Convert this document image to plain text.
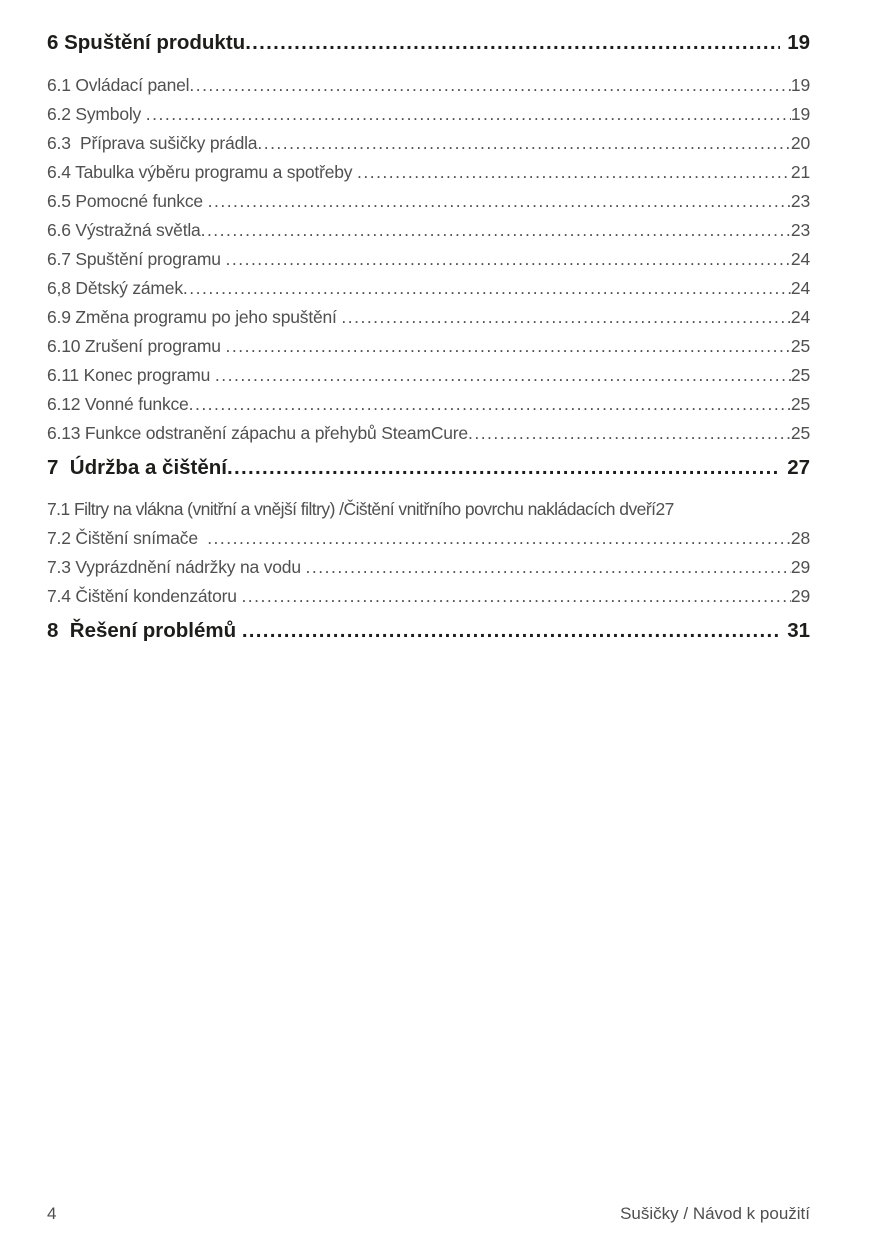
6 Spuštění produktu .....	19
6.1 Ovládací panel .....	19
6.2 Symboly .....	19
6.3  Příprava sušičky prádla .....	20
6.4 Tabulka výběru programu a spotřeby .....	21
6.5 Pomocné funkce .....	23
6.6 Výstražná světla .....	23
6.7 Spuštění programu .....	24
6,8 Dětský zámek .....	24
6.9 Změna programu po jeho spuštění .....	24
6.10 Zrušení programu .....	25
6.11 Konec programu .....	25
6.12 Vonné funkce .....	25
6.13 Funkce odstranění zápachu a přehybů SteamCure .....	25
7  Údržba a čištění .....	27
7.1 Filtry na vlákna (vnitřní a vnější filtry) /Čištění vnitřního povrchu nakládacích dveří 27
7.2 Čištění snímače .....	28
7.3 Vyprázdnění nádržky na vodu .....	29
7.4 Čištění kondenzátoru .....	29
8  Řešení problémů .....	31
4	Sušičky / Návod k použití
